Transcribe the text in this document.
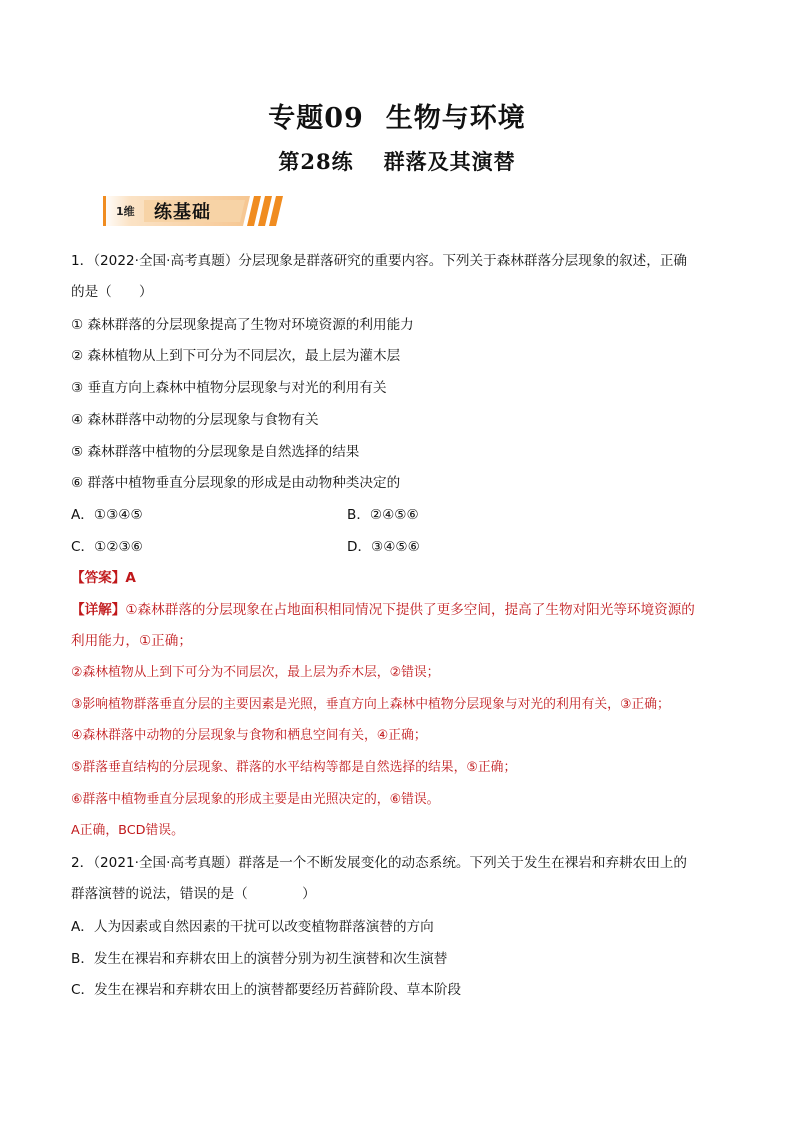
专题09 生物与环境
第28练 群落及其演替
1维 练基础
1．（2022·全国·高考真题）分层现象是群落研究的重要内容。下列关于森林群落分层现象的叙述，正确
的是（　　）
① 森林群落的分层现象提高了生物对环境资源的利用能力
② 森林植物从上到下可分为不同层次，最上层为灌木层
③ 垂直方向上森林中植物分层现象与对光的利用有关
④ 森林群落中动物的分层现象与食物有关
⑤ 森林群落中植物的分层现象是自然选择的结果
⑥ 群落中植物垂直分层现象的形成是由动物种类决定的
A．①③④⑤	B．②④⑤⑥
C．①②③⑥	D．③④⑤⑥
【答案】A
【详解】①森林群落的分层现象在占地面积相同情况下提供了更多空间，提高了生物对阳光等环境资源的
利用能力，①正确；
②森林植物从上到下可分为不同层次，最上层为乔木层，②错误；
③影响植物群落垂直分层的主要因素是光照，垂直方向上森林中植物分层现象与对光的利用有关，③正确；
④森林群落中动物的分层现象与食物和栖息空间有关，④正确；
⑤群落垂直结构的分层现象、群落的水平结构等都是自然选择的结果，⑤正确；
⑥群落中植物垂直分层现象的形成主要是由光照决定的，⑥错误。
A正确，BCD错误。
2．（2021·全国·高考真题）群落是一个不断发展变化的动态系统。下列关于发生在裸岩和弃耕农田上的
群落演替的说法，错误的是（　　　　）
A．人为因素或自然因素的干扰可以改变植物群落演替的方向
B．发生在裸岩和弃耕农田上的演替分别为初生演替和次生演替
C．发生在裸岩和弃耕农田上的演替都要经历苔藓阶段、草本阶段
